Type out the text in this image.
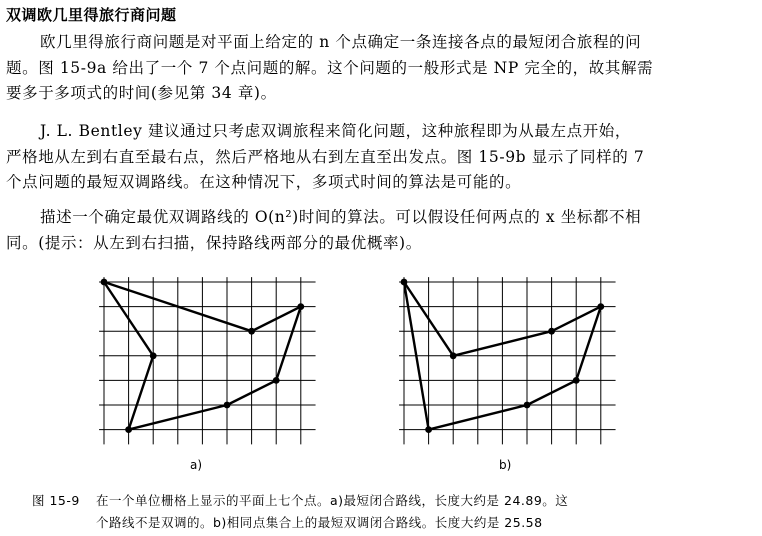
双调欧几里得旅行商问题
欧几里得旅行商问题是对平面上给定的 n 个点确定一条连接各点的最短闭合旅程的问
题。图 15-9a 给出了一个 7 个点问题的解。这个问题的一般形式是 NP 完全的，故其解需
要多于多项式的时间(参见第 34 章)。
J. L. Bentley 建议通过只考虑双调旅程来简化问题，这种旅程即为从最左点开始，
严格地从左到右直至最右点，然后严格地从右到左直至出发点。图 15-9b 显示了同样的 7
个点问题的最短双调路线。在这种情况下，多项式时间的算法是可能的。
描述一个确定最优双调路线的 O(n²)时间的算法。可以假设任何两点的 x 坐标都不相
同。(提示：从左到右扫描，保持路线两部分的最优概率)。
a)	b)
图 15-9 在一个单位栅格上显示的平面上七个点。a)最短闭合路线，长度大约是 24.89。这
个路线不是双调的。b)相同点集合上的最短双调闭合路线。长度大约是 25.58
